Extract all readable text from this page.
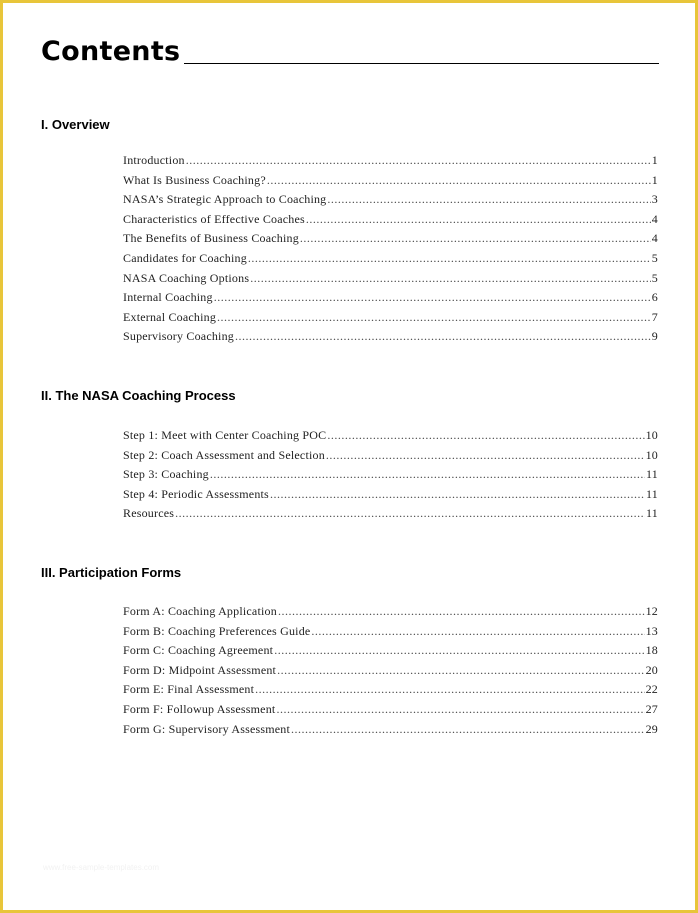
Contents
I. Overview
Introduction .....	1
What Is Business Coaching? .....	1
NASA’s Strategic Approach to Coaching .....	3
Characteristics of Effective Coaches .....	4
The Benefits of Business Coaching .....	4
Candidates for Coaching .....	5
NASA Coaching Options .....	5
Internal Coaching .....	6
External Coaching .....	7
Supervisory Coaching .....	9
II. The NASA Coaching Process
Step 1: Meet with Center Coaching POC .....	10
Step 2: Coach Assessment and Selection .....	10
Step 3: Coaching .....	11
Step 4: Periodic Assessments .....	11
Resources .....	11
III. Participation Forms
Form A: Coaching Application .....	12
Form B: Coaching Preferences Guide .....	13
Form C: Coaching Agreement .....	18
Form D: Midpoint Assessment .....	20
Form E: Final Assessment .....	22
Form F: Followup Assessment .....	27
Form G: Supervisory Assessment .....	29
www.free-sample-templates.com
